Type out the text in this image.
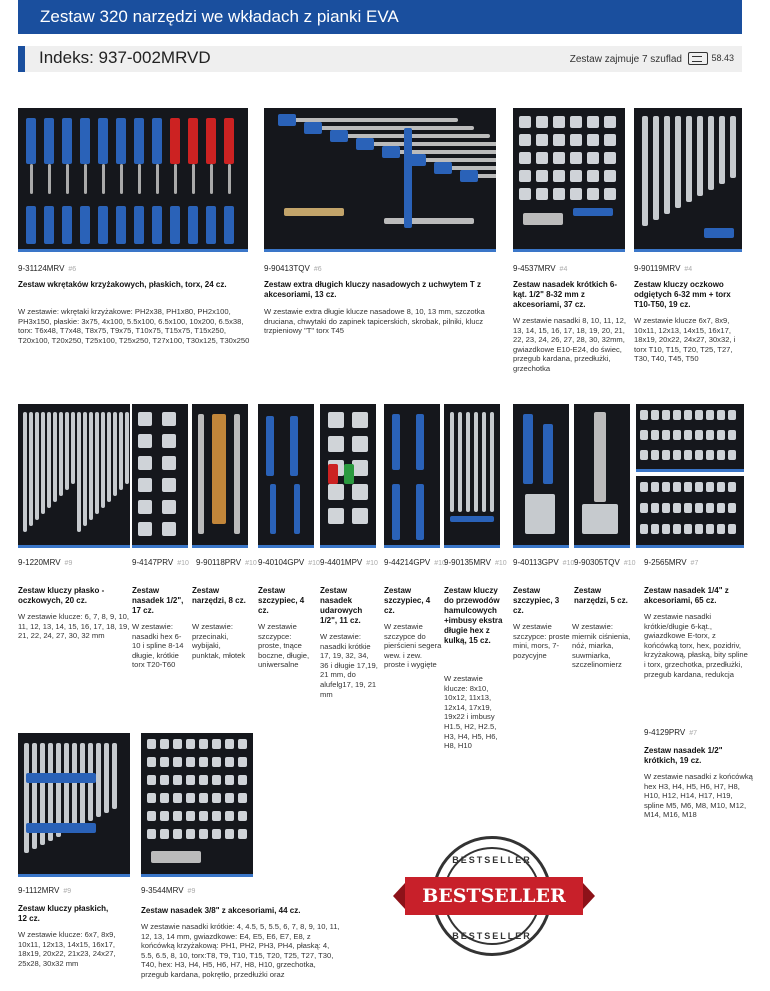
Zestaw 320 narzędzi we wkładach z pianki EVA
Indeks: 937-002MRVD	Zestaw zajmuje 7 szuflad	58.43
9-31124MRV #6
Zestaw wkrętaków krzyżakowych, płaskich, torx, 24 cz.
W zestawie: wkrętaki krzyżakowe: PH2x38, PH1x80, PH2x100, PH3x150, płaskie: 3x75, 4x100, 5.5x100, 6.5x100, 10x200, 6.5x38, torx: T6x48, T7x48, T8x75, T9x75, T10x75, T15x75, T15x250, T20x100, T20x250, T25x100, T25x250, T27x100, T30x125, T30x250
9-90413TQV #6
Zestaw extra długich kluczy nasadowych z uchwytem T z akcesoriami, 13 cz.
W zestawie extra długie klucze nasadowe 8, 10, 13 mm, szczotka druciana, chwytaki do zapinek tapicerskich, skrobak, pilniki, klucz trzpieniowy "T" torx T45
9-4537MRV #4
Zestaw nasadek krótkich 6-kąt. 1/2" 8-32 mm z akcesoriami, 37 cz.
W zestawie nasadki 8, 10, 11, 12, 13, 14, 15, 16, 17, 18, 19, 20, 21, 22, 23, 24, 26, 27, 28, 30, 32mm, gwiazdkowe E10-E24, do świec, przegub kardana, przedłużki, grzechotka
9-90119MRV #4
Zestaw kluczy oczkowo odgiętych 6-32 mm + torx T10-T50, 19 cz.
W zestawie klucze 6x7, 8x9, 10x11, 12x13, 14x15, 16x17, 18x19, 20x22, 24x27, 30x32, i torx T10, T15, T20, T25, T27, T30, T40, T45, T50
9-1220MRV #9
Zestaw kluczy płasko - oczkowych, 20 cz.
W zestawie klucze: 6, 7, 8, 9, 10, 11, 12, 13, 14, 15, 16, 17, 18, 19, 21, 22, 24, 27, 30, 32 mm
9-4147PRV #10
Zestaw nasadek 1/2", 17 cz.
W zestawie: nasadki hex 6-10 i spline 8-14 długie, krótkie torx T20-T60
9-90118PRV #10
Zestaw narzędzi, 8 cz.
W zestawie: przecinaki, wybijaki, punktak, młotek
9-40104GPV #10
Zestaw szczypiec, 4 cz.
W zestawie szczypce: proste, tnące boczne, długie, uniwersalne
9-4401MPV #10
Zestaw nasadek udarowych 1/2", 11 cz.
W zestawie: nasadki krótkie 17, 19, 32, 34, 36 i długie 17,19, 21 mm, do alufelg17, 19, 21 mm
9-44214GPV #10
Zestaw szczypiec, 4 cz.
W zestawie szczypce do pierścieni segera wew. i zew. proste i wygięte
9-90135MRV #10
Zestaw kluczy do przewodów hamulcowych +imbusy ekstra długie hex z kulką, 15 cz.
W zestawie klucze: 8x10, 10x12, 11x13, 12x14, 17x19, 19x22 i imbusy H1.5, H2, H2.5, H3, H4, H5, H6, H8, H10
9-40113GPV #10
Zestaw szczypiec, 3 cz.
W zestawie szczypce: proste mini, mors, 7-pozycyjne
9-90305TQV #10
Zestaw narzędzi, 5 cz.
W zestawie: miernik ciśnienia, nóż, miarka, suwmiarka, szczelinomierz
9-2565MRV #7
Zestaw nasadek 1/4" z akcesoriami, 65 cz.
W zestawie nasadki krótkie/długie 6-kąt., gwiazdkowe E-torx, z końcówką torx, hex, pozidriv, krzyżakową, płaską, bity spline i torx, grzechotka, przedłużki, przegub kardana, redukcja
9-4129PRV #7
Zestaw nasadek 1/2" krótkich, 19 cz.
W zestawie nasadki z końcówką hex H3, H4, H5, H6, H7, H8, H10, H12, H14, H17, H19, spline M5, M6, M8, M10, M12, M14, M16, M18
9-1112MRV #9
Zestaw kluczy płaskich, 12 cz.
W zestawie klucze: 6x7, 8x9, 10x11, 12x13, 14x15, 16x17, 18x19, 20x22, 21x23, 24x27, 25x28, 30x32 mm
9-3544MRV #9
Zestaw nasadek 3/8" z akcesoriami, 44 cz.
W zestawie nasadki krótkie: 4, 4.5, 5, 5.5, 6, 7, 8, 9, 10, 11, 12, 13, 14 mm, gwiazdkowe: E4, E5, E6, E7, E8, z końcówką krzyżakową: PH1, PH2, PH3, PH4, płaską: 4, 5.5, 6.5, 8, 10, torx:T8, T9, T10, T15, T20, T25, T27, T30, T40, hex: H3, H4, H5, H6, H7, H8, H10, grzechotka, przegub kardana, pokrętło, przedłużki oraz
BESTSELLER
BESTSELLER
BESTSELLER
